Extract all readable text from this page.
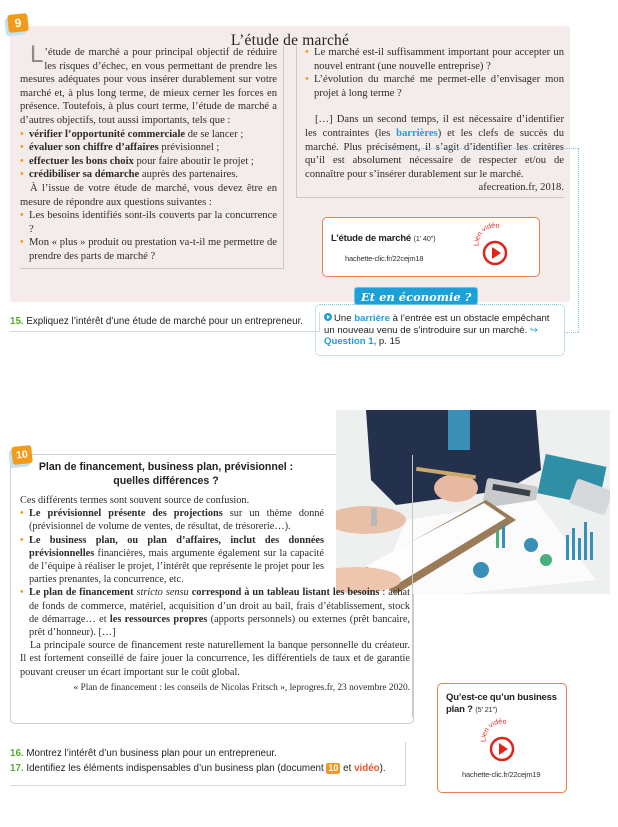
9
L’étude de marché

L ’étude de marché a pour principal objectif de réduire les risques d’échec, en vous permettant de prendre les mesures adéquates pour vous insérer durablement sur votre marché et, à plus long terme, de mieux cerner les forces en présence. Toutefois, à plus court terme, l’étude de marché a d’autres objectifs, tout aussi importants, tels que :

• vérifier l’opportunité commerciale de se lancer ;

• évaluer son chiffre d’affaires prévisionnel ;

• effectuer les bons choix pour faire aboutir le projet ;

• crédibiliser sa démarche auprès des partenaires.

À l’issue de votre étude de marché, vous devez être en mesure de répondre aux questions suivantes :

• Les besoins identifiés sont-ils couverts par la concurrence ?

• Mon « plus » produit ou prestation va-t-il me permettre de prendre des parts de marché ?

• Le marché est-il suffisamment important pour accepter un nouvel entrant (une nouvelle entreprise) ?

• L’évolution du marché me permet-elle d’envisager mon projet à long terme ?

[…] Dans un second temps, il est nécessaire d’identifier les contraintes (les barrières) et les clefs de succès du marché. Plus précisément, il s’agit d’identifier les critères qu’il est absolument nécessaire de respecter et/ou de connaître pour s’insérer durablement sur le marché.

afecreation.fr, 2018.

L’étude de marché (1’ 40”)
hachette-clic.fr/22cejm18
Lien vidéo
Une barrière à l’entrée est un obstacle empêchant un nouveau venu de s’introduire sur un marché. ↪ Question 1, p. 15
Et en économie ?
15. Expliquez l’intérêt d’une étude de marché pour un entrepreneur.
10
Plan de financement, business plan, prévisionnel :
quelles différences ?

Ces différents termes sont souvent source de confusion.

• Le prévisionnel présente des projections sur un thème donné (prévisionnel de volume de ventes, de résultat, de trésorerie…).

• Le business plan, ou plan d’affaires, inclut des données prévisionnelles financières, mais argumente également sur la capacité de l’équipe à réaliser le projet, l’intérêt que représente le projet pour les parties prenantes, la concurrence, etc.

• Le plan de financement stricto sensu correspond à un tableau listant les besoins : achat de fonds de commerce, matériel, acquisition d’un droit au bail, frais d’établissement, stock de démarrage… et les ressources propres (apports personnels) ou externes (prêt bancaire, prêt d’honneur). […]

La principale source de financement reste naturellement la banque personnelle du créateur. Il est fortement conseillé de faire jouer la concurrence, les différentiels de taux et de garantie pouvant creuser un écart important sur le coût global.

« Plan de financement : les conseils de Nicolas Fritsch », leprogres.fr, 23 novembre 2020.

Qu’est-ce qu’un business plan ? (5’ 21”)
Lien vidéo
hachette-clic.fr/22cejm19
16. Montrez l’intérêt d’un business plan pour un entrepreneur.
17. Identifiez les éléments indispensables d’un business plan (document 10 et vidéo).
